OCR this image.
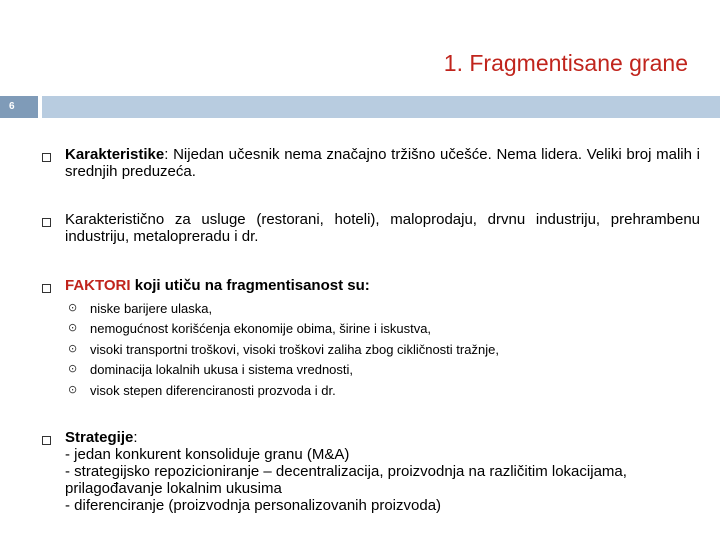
1. Fragmentisane grane
6
Karakteristike: Nijedan učesnik nema značajno tržišno učešće. Nema lidera. Veliki broj malih i srednjih preduzeća.
Karakteristično za usluge (restorani, hoteli), maloprodaju, drvnu industriju, prehrambenu industriju, metalopreradu i dr.
FAKTORI koji utiču na fragmentisanost su:
⊙ niske barijere ulaska,
⊙ nemogućnost korišćenja ekonomije obima, širine i iskustva,
⊙ visoki transportni troškovi, visoki troškovi zaliha zbog cikličnosti tražnje,
⊙ dominacija lokalnih ukusa i sistema vrednosti,
⊙ visok stepen diferenciranosti prozvoda i dr.
Strategije:
- jedan konkurent konsoliduje granu (M&A)
- strategijsko repozicioniranje – decentralizacija, proizvodnja na različitim lokacijama, prilagođavanje lokalnim ukusima
- diferenciranje (proizvodnja personalizovanih proizvoda)
